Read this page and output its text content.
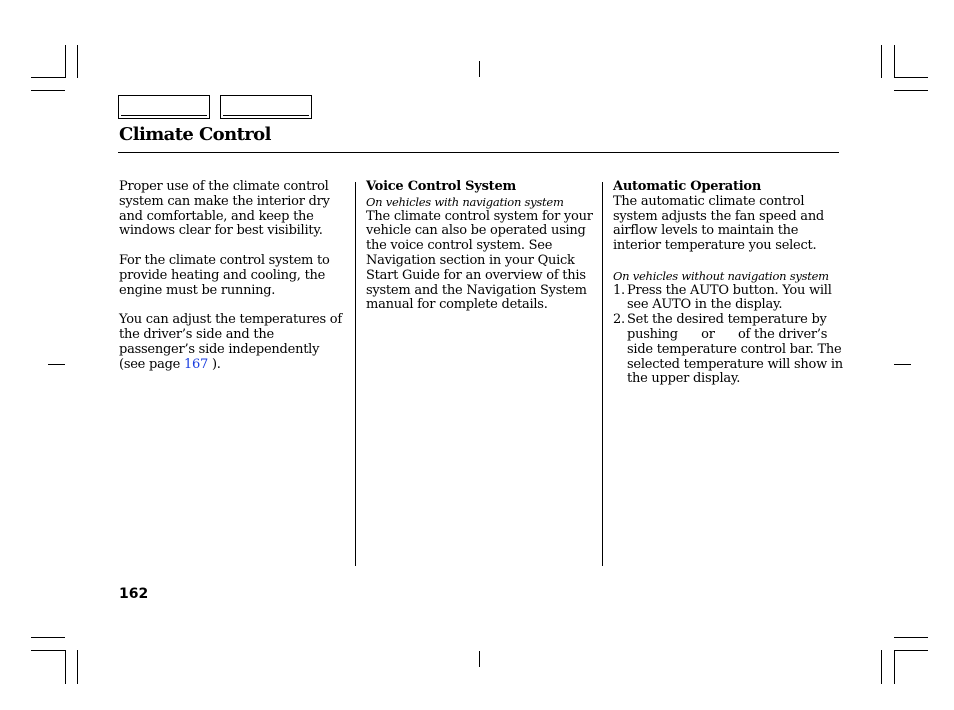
Climate Control

Proper use of the climate control system can make the interior dry and comfortable, and keep the windows clear for best visibility.

For the climate control system to provide heating and cooling, the engine must be running.

You can adjust the temperatures of the driver’s side and the passenger’s side independently (see page 167 ).

Voice Control System
On vehicles with navigation system

The climate control system for your vehicle can also be operated using the voice control system. See Navigation section in your Quick Start Guide for an overview of this system and the Navigation System manual for complete details.

Automatic Operation

The automatic climate control system adjusts the fan speed and airflow levels to maintain the interior temperature you select.

On vehicles without navigation system
1. Press the AUTO button. You will see AUTO in the display.
2. Set the desired temperature by pushing      or      of the driver’s side temperature control bar. The selected temperature will show in the upper display.
162
